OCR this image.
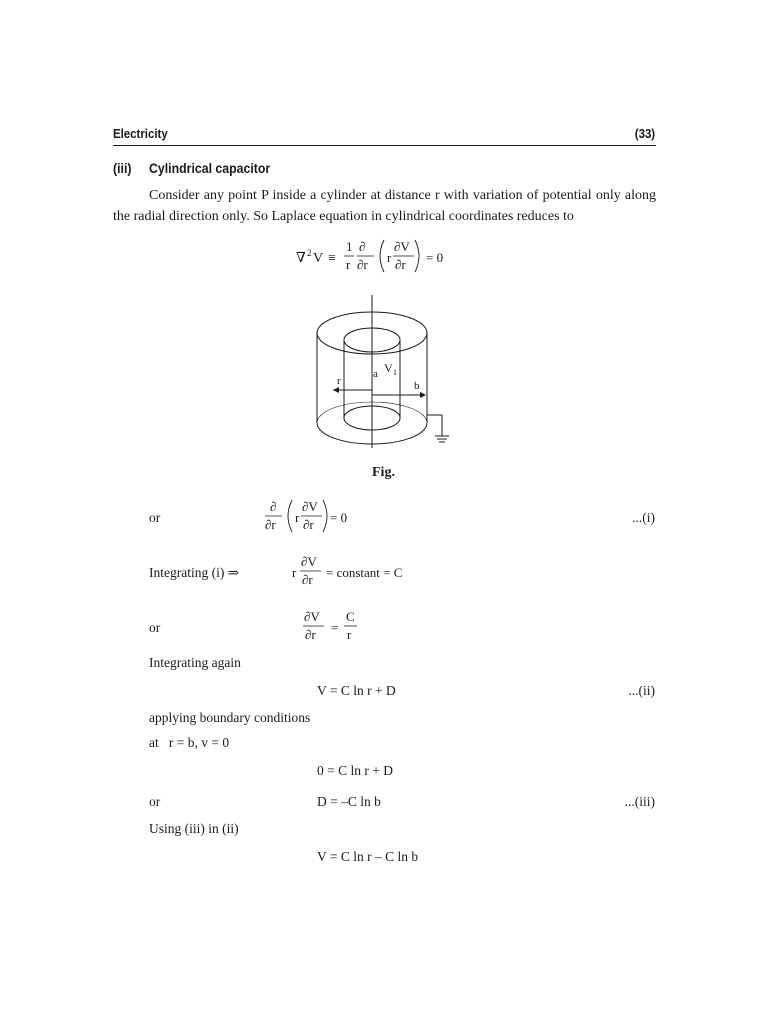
Electricity	(33)
(iii) Cylindrical capacitor
Consider any point P inside a cylinder at distance r with variation of potential only along the radial direction only. So Laplace equation in cylindrical coordinates reduces to
∇ 2 V ≡
1
r
∂
∂r r
∂V
∂r = 0
r
a V 1
b
Fig.
or
∂
∂r r
∂V
∂r = 0	...(i)
Integrating (i) ⇒	r
∂V
∂r = constant = C
or
∂V
∂r =
C
r
Integrating again
V = C ln r + D	...(ii)
applying boundary conditions
at   r = b, v = 0
0 = C ln r + D
or	D = –C ln b	...(iii)
Using (iii) in (ii)
V = C ln r – C ln b
